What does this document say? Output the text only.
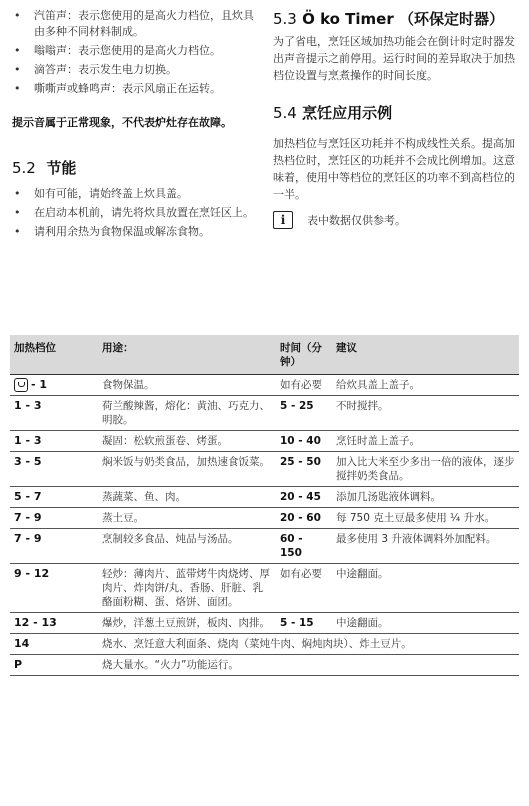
• 汽笛声：表示您使用的是高火力档位，且炊具由多种不同材料制成。
• 嗡嗡声：表示您使用的是高火力档位。
• 滴答声：表示发生电力切换。
• 嘶嘶声或蜂鸣声：表示风扇正在运转。
提示音属于正常现象，不代表炉灶存在故障。
5.2 节能
• 如有可能，请始终盖上炊具盖。
• 在启动本机前，请先将炊具放置在烹饪区上。
• 请利用余热为食物保温或解冻食物。
5.3 Ö ko Timer （环保定时器）

为了省电，烹饪区域加热功能会在倒计时定时器发出声音提示之前停用。运行时间的差异取决于加热档位设置与烹煮操作的时间长度。

5.4 烹饪应用示例

加热档位与烹饪区功耗并不构成线性关系。提高加热档位时，烹饪区的功耗并不会成比例增加。这意味着，使用中等档位的烹饪区的功率不到高档位的一半。

i	表中数据仅供参考。
加热档位	用途：	时间（分钟）	建议
- 1	食物保温。	如有必要	给炊具盖上盖子。
1 - 3	荷兰酸辣酱，熔化：黄油、巧克力、明胶。	5 - 25	不时搅拌。
1 - 3	凝固：松软煎蛋卷、烤蛋。	10 - 40	烹饪时盖上盖子。
3 - 5	焖米饭与奶类食品，加热速食饭菜。	25 - 50	加入比大米至少多出一倍的液体，逐步搅拌奶类食品。
5 - 7	蒸蔬菜、鱼、肉。	20 - 45	添加几汤匙液体调料。
7 - 9	蒸土豆。	20 - 60	每 750 克土豆最多使用 ¼ 升水。
7 - 9	烹制较多食品、炖品与汤品。	60 - 150	最多使用 3 升液体调料外加配料。
9 - 12	轻炒：薄肉片、蓝带烤牛肉烧烤、厚肉片、炸肉饼/丸、香肠、肝脏、乳酪面粉糊、蛋、烙饼、面团。	如有必要	中途翻面。
12 - 13	爆炒，洋葱土豆煎饼，板肉、肉排。	5 - 15	中途翻面。
14	烧水、烹饪意大利面条、烧肉（菜炖牛肉、焖炖肉块）、炸土豆片。		
P	烧大量水。“火力”功能运行。		
